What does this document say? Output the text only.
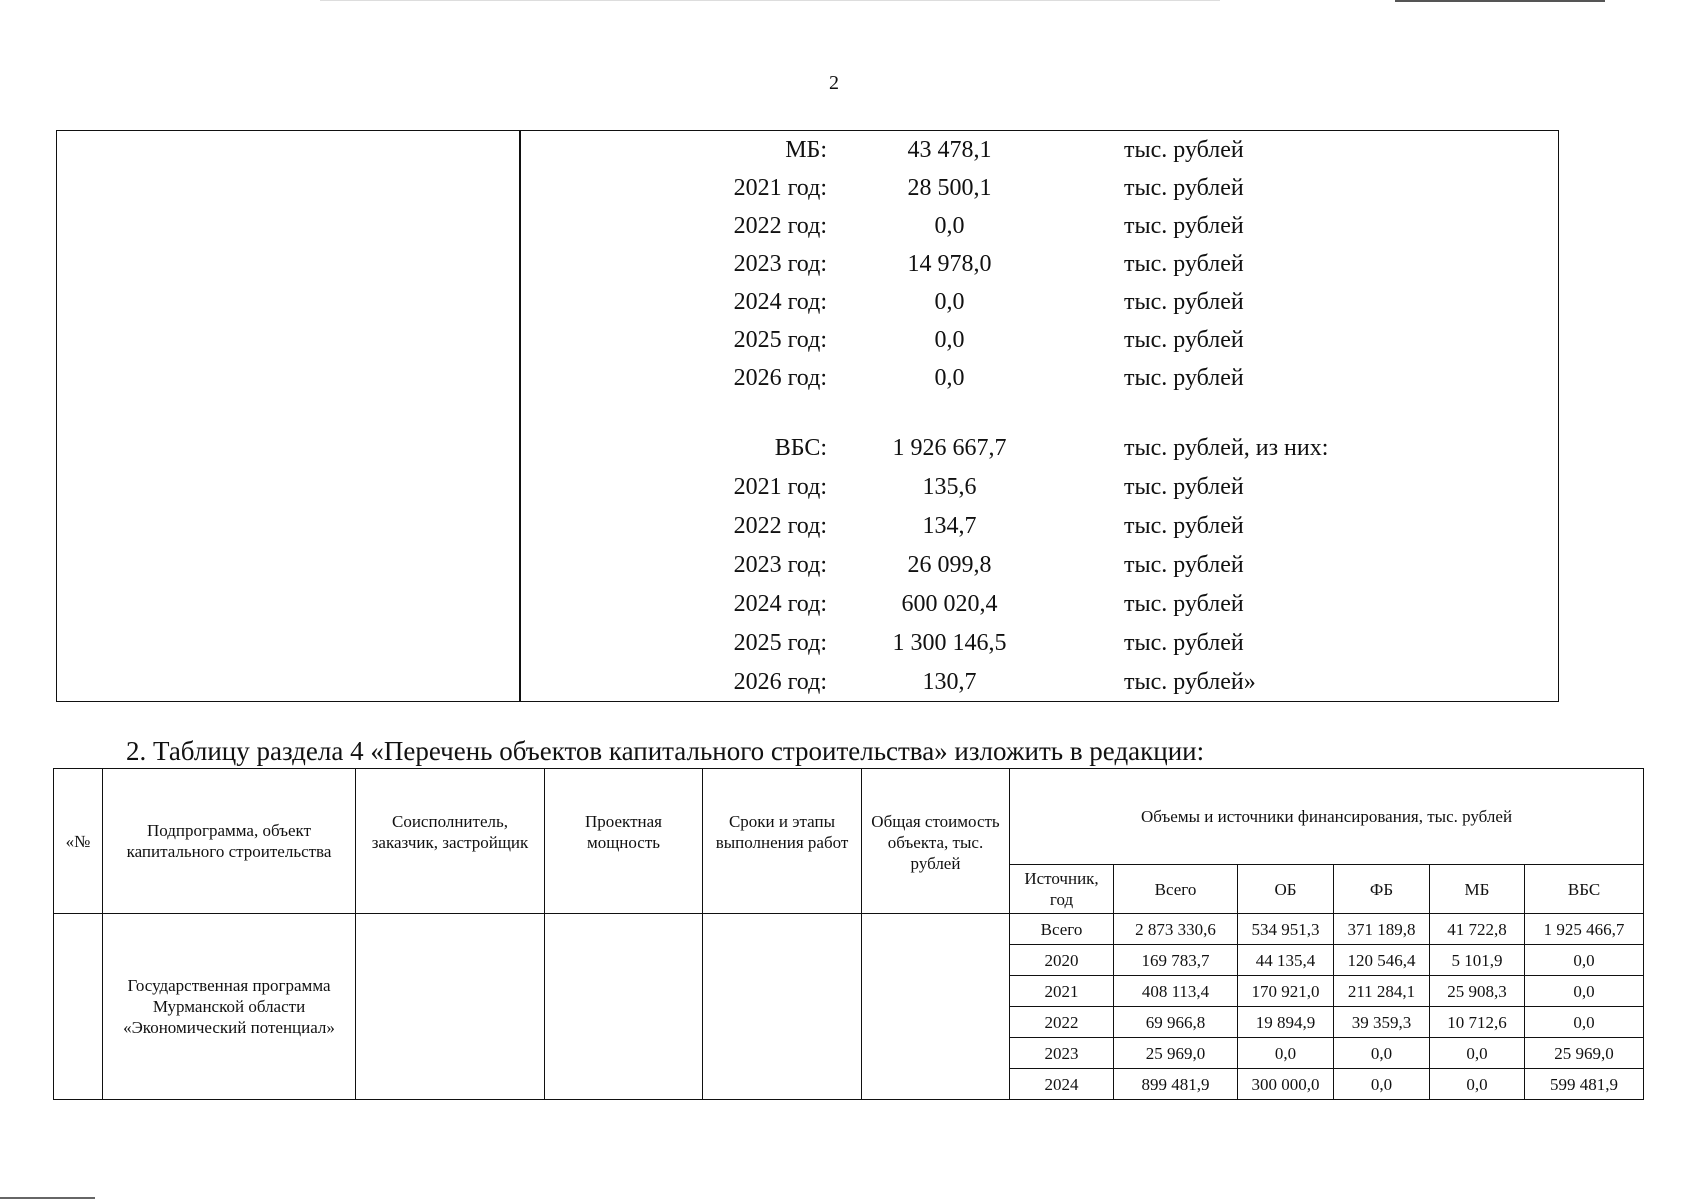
2
МБ:	43 478,1	тыс. рублей
2021 год:	28 500,1	тыс. рублей
2022 год:	0,0	тыс. рублей
2023 год:	14 978,0	тыс. рублей
2024 год:	0,0	тыс. рублей
2025 год:	0,0	тыс. рублей
2026 год:	0,0	тыс. рублей
ВБС:	1 926 667,7	тыс. рублей, из них:
2021 год:	135,6	тыс. рублей
2022 год:	134,7	тыс. рублей
2023 год:	26 099,8	тыс. рублей
2024 год:	600 020,4	тыс. рублей
2025 год:	1 300 146,5	тыс. рублей
2026 год:	130,7	тыс. рублей»
2. Таблицу раздела 4 «Перечень объектов капитального строительства» изложить в редакции:
«№	Подпрограмма, объект капитального строительства	Соисполнитель, заказчик, застройщик	Проектная мощность	Сроки и этапы выполнения работ	Общая стоимость объекта, тыс. рублей	Объемы и источники финансирования, тыс. рублей					
						Источник, год	Всего	ОБ	ФБ	МБ	ВБС
	Государственная программа Мурманской области «Экономический потенциал»					Всего	2 873 330,6	534 951,3	371 189,8	41 722,8	1 925 466,7
						2020	169 783,7	44 135,4	120 546,4	5 101,9	0,0
						2021	408 113,4	170 921,0	211 284,1	25 908,3	0,0
						2022	69 966,8	19 894,9	39 359,3	10 712,6	0,0
						2023	25 969,0	0,0	0,0	0,0	25 969,0
						2024	899 481,9	300 000,0	0,0	0,0	599 481,9
